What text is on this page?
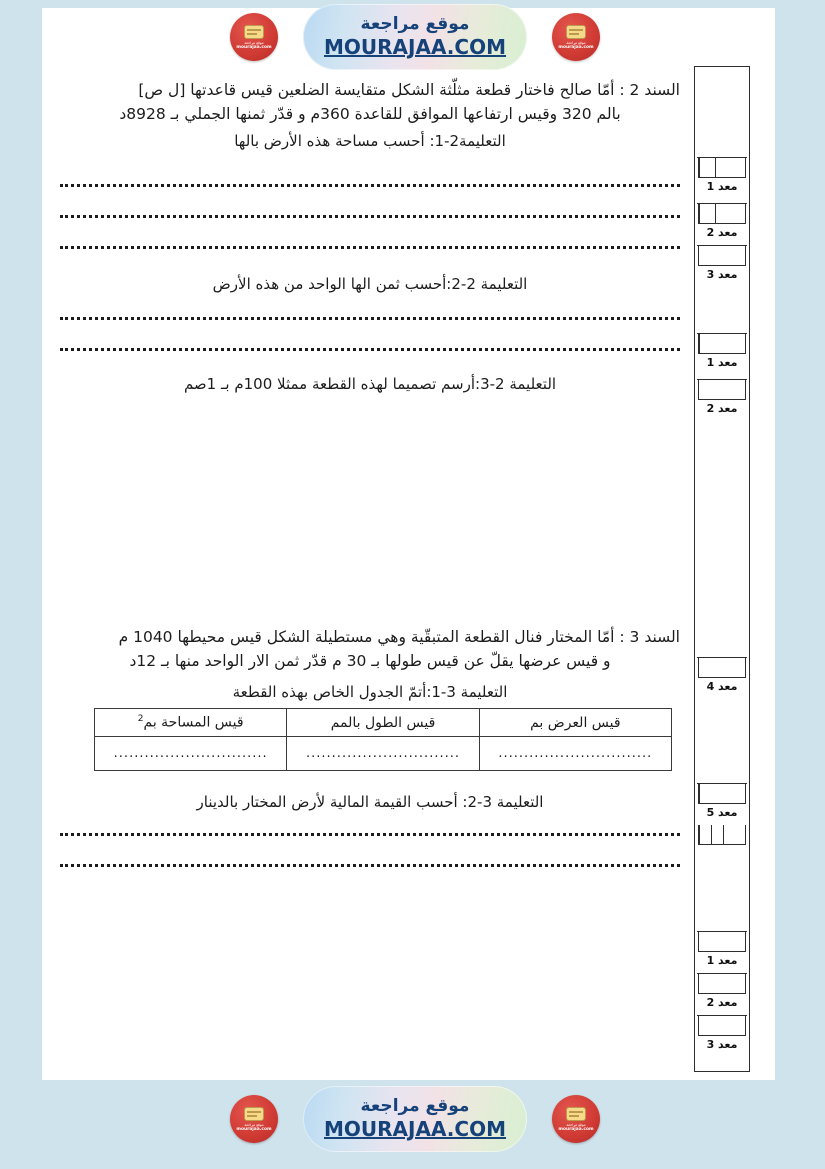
موقع مراجعة
mourajaa.com
موقع مراجعة
MOURAJAA.COM	موقع مراجعة
mourajaa.com
السند 2 : أمّا صالح فاختار قطعة مثلّثة الشكل متقايسة الضلعين قيس قاعدتها [ل ص]
بالم 320 وقيس ارتفاعها الموافق للقاعدة 360م و قدّر ثمنها الجملي بـ 8928د
التعليمة2-1: أحسب مساحة هذه الأرض بالها
التعليمة 2-2:أحسب ثمن الها الواحد من هذه الأرض
التعليمة 2-3:أرسم تصميما لهذه القطعة ممثلا 100م بـ 1صم
السند 3 : أمّا المختار فنال القطعة المتبقّية وهي مستطيلة الشكل قيس محيطها 1040 م
و قيس عرضها يقلّ عن قيس طولها بـ 30 م قدّر ثمن الار الواحد منها بـ 12د
التعليمة 3-1:أتمّ الجدول الخاص بهذه القطعة
قيس العرض بم	قيس الطول بالمم	قيس المساحة بم$^2$
..............................	..............................	..............................
التعليمة 3-2: أحسب القيمة المالية لأرض المختار بالدينار
معد 1
معد 2
معد 3
معد 1
معد 2
معد 4
معد 5
معد 1
معد 2
معد 3
موقع مراجعة
mourajaa.com
موقع مراجعة
MOURAJAA.COM	موقع مراجعة
mourajaa.com
